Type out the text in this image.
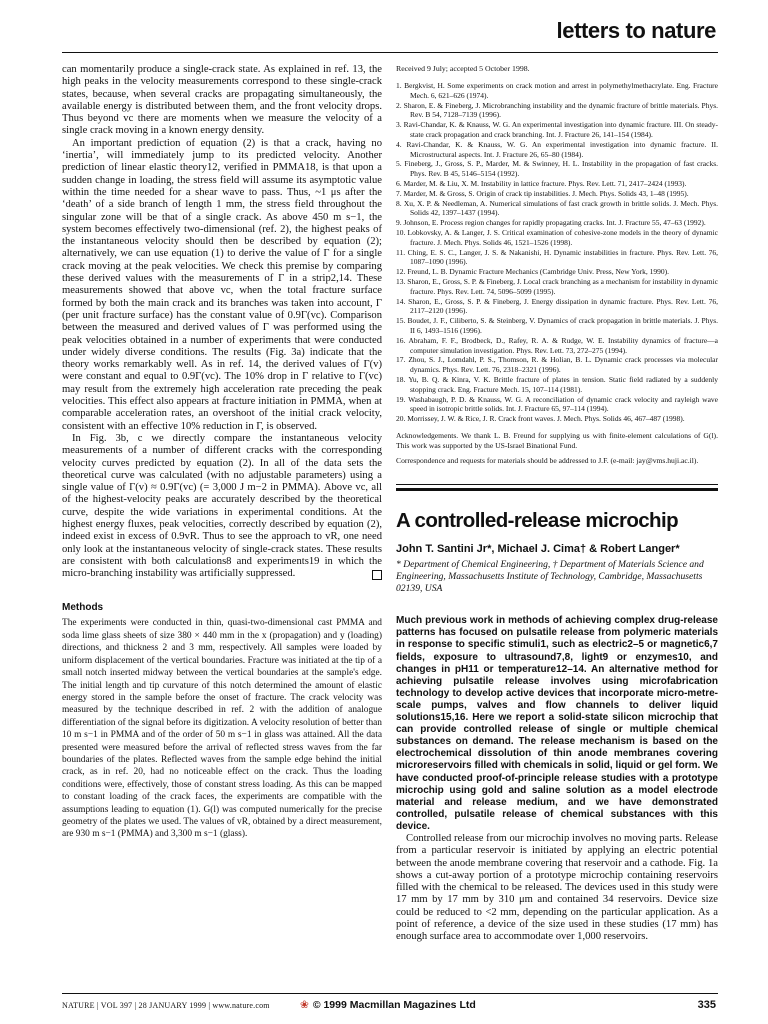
letters to nature

can momentarily produce a single-crack state. As explained in ref. 13, the high peaks in the velocity measurements correspond to these single-crack states, because, when several cracks are propagating simultaneously, the available energy is distributed between them, and the front velocity drops. Thus beyond vc there are moments when we measure the velocity of a single crack moving in a known energy density.

An important prediction of equation (2) is that a crack, having no ‘inertia’, will immediately jump to its predicted velocity. Another prediction of linear elastic theory12, verified in PMMA18, is that upon a sudden change in loading, the stress field will assume its asymptotic value within the time needed for a shear wave to pass. Thus, ~1 μs after the ‘death’ of a side branch of length 1 mm, the stress field throughout the singular zone will be that of a single crack. As above 450 m s−1, the system becomes effectively two-dimensional (ref. 2), the highest peaks of the instantaneous velocity should then be described by equation (2); alternatively, we can use equation (1) to derive the value of Γ for a single crack moving at the peak velocities. We check this premise by comparing these derived values with the measurements of Γ in a strip2,14. These measurements showed that above vc, when the total fracture surface formed by both the main crack and its branches was taken into account, Γ (per unit fracture surface) has the constant value of 0.9Γ(vc). Comparison between the measured and derived values of Γ was performed using the peak velocities obtained in a number of experiments that were conducted under widely diverse conditions. The results (Fig. 3a) indicate that the theory works remarkably well. As in ref. 14, the derived values of Γ(v) were constant and equal to 0.9Γ(vc). The 10% drop in Γ relative to Γ(vc) may result from the extremely high acceleration rate preceding the peak velocities. This effect also appears at fracture initiation in PMMA, when at comparable acceleration rates, an overshoot of the initial crack velocity, consistent with an effective 10% reduction in Γ, is observed.

In Fig. 3b, c we directly compare the instantaneous velocity measurements of a number of different cracks with the corresponding velocity curves predicted by equation (2). In all of the data sets the theoretical curve was calculated (with no adjustable parameters) using a single value of Γ(v) ≈ 0.9Γ(vc) (= 3,000 J m−2 in PMMA). Above vc, all of the highest-velocity peaks are accurately described by the theoretical curve, despite the wide variations in experimental conditions. At the highest energy fluxes, peak velocities, correctly described by equation (2), indeed exist in excess of 0.9vR. Thus to see the approach to vR, one need only look at the instantaneous velocity of single-crack states. These results are consistent with both calculations8 and experiments19 in which the micro-branching instability was artificially suppressed.

Methods

The experiments were conducted in thin, quasi-two-dimensional cast PMMA and soda lime glass sheets of size 380 × 440 mm in the x (propagation) and y (loading) directions, and thickness 2 and 3 mm, respectively. All samples were loaded by uniform displacement of the vertical boundaries. Fracture was initiated at the tip of a small notch inserted midway between the vertical boundaries at the sample's edge. The initial length and tip curvature of this notch determined the amount of elastic energy stored in the sample before the onset of fracture. The crack velocity was measured by the technique described in ref. 2 with the addition of analogue differentiation of the signal before its digitization. A velocity resolution of better than 10 m s−1 in PMMA and of the order of 50 m s−1 in glass was attained. All the data presented were measured before the arrival of reflected stress waves from the far boundaries of the plates. Reflected waves from the sample edge behind the initial crack, as in ref. 20, had no noticeable effect on the crack. Thus the loading conditions were, effectively, those of constant stress loading. As this can be mapped to constant loading of the crack faces, the experiments are compatible with the assumptions leading to equation (1). G(l) was computed numerically for the precise geometry of the plates we used. The values of vR, obtained by a direct measurement, are 930 m s−1 (PMMA) and 3,300 m s−1 (glass).

Received 9 July; accepted 5 October 1998.

1. Bergkvist, H. Some experiments on crack motion and arrest in polymethylmethacrylate. Eng. Fracture Mech. 6, 621–626 (1974).
2. Sharon, E. & Fineberg, J. Microbranching instability and the dynamic fracture of brittle materials. Phys. Rev. B 54, 7128–7139 (1996).
3. Ravi-Chandar, K. & Knauss, W. G. An experimental investigation into dynamic fracture. III. On steady-state crack propagation and crack branching. Int. J. Fracture 26, 141–154 (1984).
4. Ravi-Chandar, K. & Knauss, W. G. An experimental investigation into dynamic fracture. II. Microstructural aspects. Int. J. Fracture 26, 65–80 (1984).
5. Fineberg, J., Gross, S. P., Marder, M. & Swinney, H. L. Instability in the propagation of fast cracks. Phys. Rev. B 45, 5146–5154 (1992).
6. Marder, M. & Liu, X. M. Instability in lattice fracture. Phys. Rev. Lett. 71, 2417–2424 (1993).
7. Marder, M. & Gross, S. Origin of crack tip instabilities. J. Mech. Phys. Solids 43, 1–48 (1995).
8. Xu, X. P. & Needleman, A. Numerical simulations of fast crack growth in brittle solids. J. Mech. Phys. Solids 42, 1397–1437 (1994).
9. Johnson, E. Process region changes for rapidly propagating cracks. Int. J. Fracture 55, 47–63 (1992).
10. Lobkovsky, A. & Langer, J. S. Critical examination of cohesive-zone models in the theory of dynamic fracture. J. Mech. Phys. Solids 46, 1521–1526 (1998).
11. Ching, E. S. C., Langer, J. S. & Nakanishi, H. Dynamic instabilities in fracture. Phys. Rev. Lett. 76, 1087–1090 (1996).
12. Freund, L. B. Dynamic Fracture Mechanics (Cambridge Univ. Press, New York, 1990).
13. Sharon, E., Gross, S. P. & Fineberg, J. Local crack branching as a mechanism for instability in dynamic fracture. Phys. Rev. Lett. 74, 5096–5099 (1995).
14. Sharon, E., Gross, S. P. & Fineberg, J. Energy dissipation in dynamic fracture. Phys. Rev. Lett. 76, 2117–2120 (1996).
15. Boudet, J. F., Ciliberto, S. & Steinberg, V. Dynamics of crack propagation in brittle materials. J. Phys. II 6, 1493–1516 (1996).
16. Abraham, F. F., Brodbeck, D., Rafey, R. A. & Rudge, W. E. Instability dynamics of fracture—a computer simulation investigation. Phys. Rev. Lett. 73, 272–275 (1994).
17. Zhou, S. J., Lomdahl, P. S., Thomson, R. & Holian, B. L. Dynamic crack processes via molecular dynamics. Phys. Rev. Lett. 76, 2318–2321 (1996).
18. Yu, B. Q. & Kinra, V. K. Brittle fracture of plates in tension. Static field radiated by a suddenly stopping crack. Eng. Fracture Mech. 15, 107–114 (1981).
19. Washabaugh, P. D. & Knauss, W. G. A reconciliation of dynamic crack velocity and rayleigh wave speed in isotropic brittle solids. Int. J. Fracture 65, 97–114 (1994).
20. Morrissey, J. W. & Rice, J. R. Crack front waves. J. Mech. Phys. Solids 46, 467–487 (1998).

Acknowledgements. We thank L. B. Freund for supplying us with finite-element calculations of G(l). This work was supported by the US-Israel Binational Fund.

Correspondence and requests for materials should be addressed to J.F. (e-mail: jay@vms.huji.ac.il).

A controlled-release microchip
John T. Santini Jr*, Michael J. Cima† & Robert Langer*
* Department of Chemical Engineering, † Department of Materials Science and Engineering, Massachusetts Institute of Technology, Cambridge, Massachusetts 02139, USA

Much previous work in methods of achieving complex drug-release patterns has focused on pulsatile release from polymeric materials in response to specific stimuli1, such as electric2–5 or magnetic6,7 fields, exposure to ultrasound7,8, light9 or enzymes10, and changes in pH11 or temperature12–14. An alternative method for achieving pulsatile release involves using microfabrication technology to develop active devices that incorporate micro-metre-scale pumps, valves and flow channels to deliver liquid solutions15,16. Here we report a solid-state silicon microchip that can provide controlled release of single or multiple chemical substances on demand. The release mechanism is based on the electrochemical dissolution of thin anode membranes covering microreservoirs filled with chemicals in solid, liquid or gel form. We have conducted proof-of-principle release studies with a prototype microchip using gold and saline solution as a model electrode material and release medium, and we have demonstrated controlled, pulsatile release of chemical substances with this device.

Controlled release from our microchip involves no moving parts. Release from a particular reservoir is initiated by applying an electric potential between the anode membrane covering that reservoir and a cathode. Fig. 1a shows a cut-away portion of a prototype microchip containing reservoirs filled with the chemical to be released. The devices used in this study were 17 mm by 17 mm by 310 μm and contained 34 reservoirs. Device size could be reduced to <2 mm, depending on the particular application. As a point of reference, a device of the size used in these studies (17 mm) has enough surface area to accommodate over 1,000 reservoirs.

NATURE | VOL 397 | 28 JANUARY 1999 | www.nature.com	❀ © 1999 Macmillan Magazines Ltd	335
